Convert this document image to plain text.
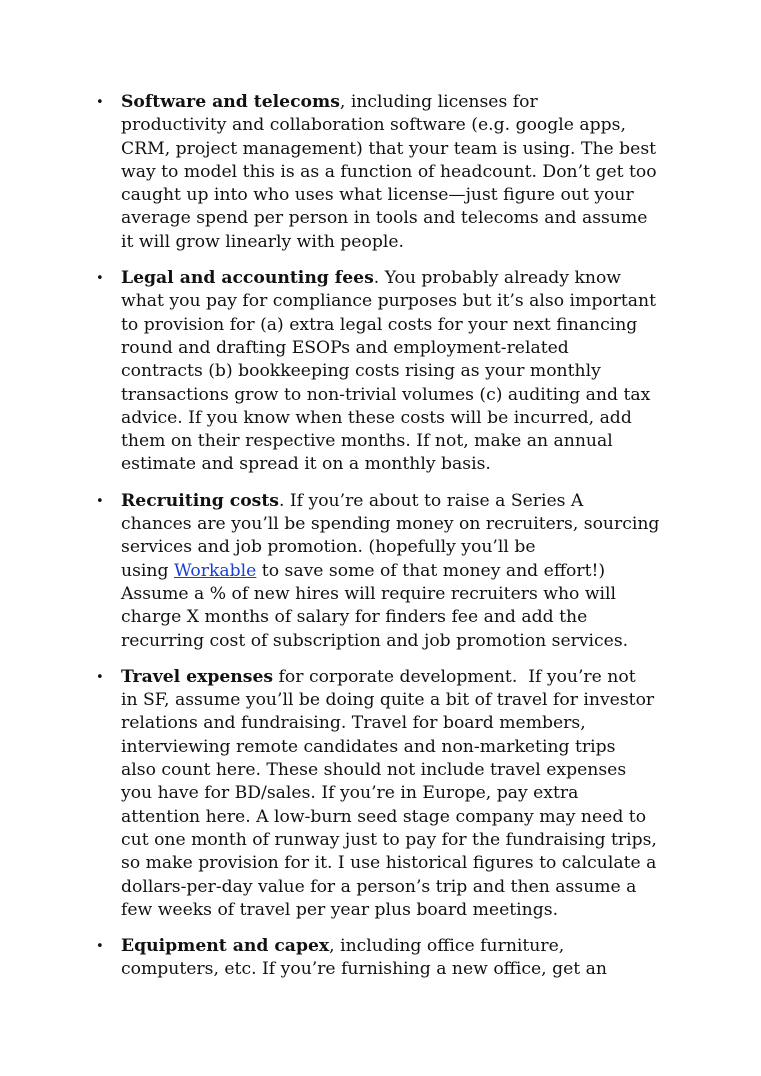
• Software and telecoms, including licenses for
productivity and collaboration software (e.g. google apps,
CRM, project management) that your team is using. The best
way to model this is as a function of headcount. Don’t get too
caught up into who uses what license—just figure out your
average spend per person in tools and telecoms and assume
it will grow linearly with people.
• Legal and accounting fees. You probably already know
what you pay for compliance purposes but it’s also important
to provision for (a) extra legal costs for your next financing
round and drafting ESOPs and employment-related
contracts (b) bookkeeping costs rising as your monthly
transactions grow to non-trivial volumes (c) auditing and tax
advice. If you know when these costs will be incurred, add
them on their respective months. If not, make an annual
estimate and spread it on a monthly basis.
• Recruiting costs. If you’re about to raise a Series A
chances are you’ll be spending money on recruiters, sourcing
services and job promotion. (hopefully you’ll be
using Workable to save some of that money and effort!)
Assume a % of new hires will require recruiters who will
charge X months of salary for finders fee and add the
recurring cost of subscription and job promotion services.
• Travel expenses for corporate development.  If you’re not
in SF, assume you’ll be doing quite a bit of travel for investor
relations and fundraising. Travel for board members,
interviewing remote candidates and non-marketing trips
also count here. These should not include travel expenses
you have for BD/sales. If you’re in Europe, pay extra
attention here. A low-burn seed stage company may need to
cut one month of runway just to pay for the fundraising trips,
so make provision for it. I use historical figures to calculate a
dollars-per-day value for a person’s trip and then assume a
few weeks of travel per year plus board meetings.
• Equipment and capex, including office furniture,
computers, etc. If you’re furnishing a new office, get an
